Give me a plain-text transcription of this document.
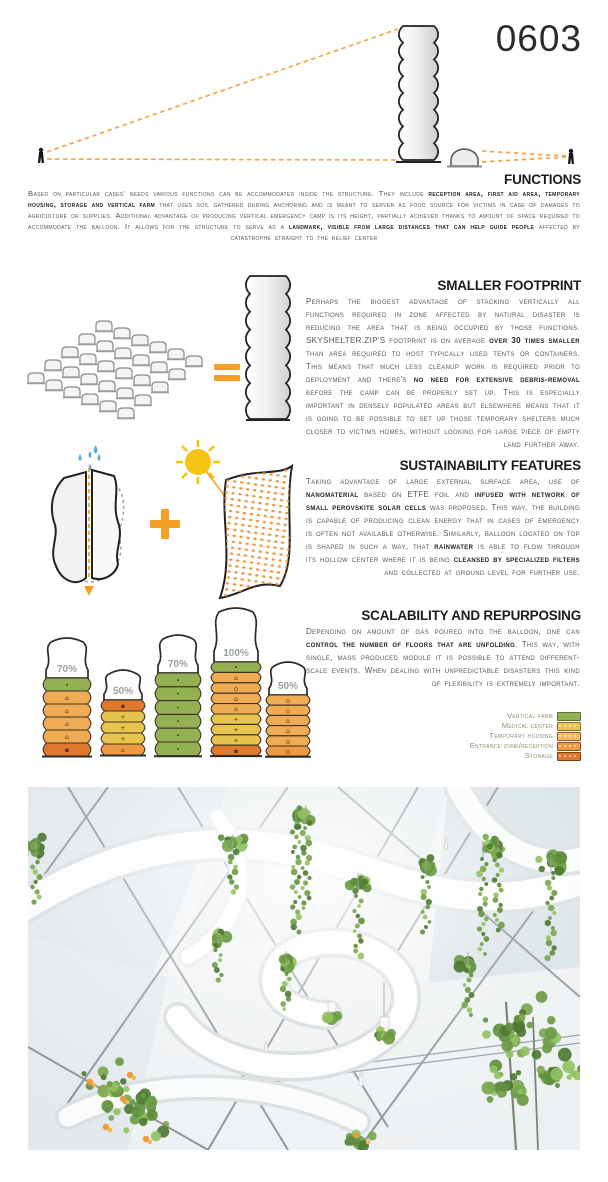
0603
FUNCTIONS
Based on particular cases' needs various functions can be accommodated inside the structure. They include reception area, first aid area, temporary housing, storage and vertical farm that uses soil gathered during anchoring and is meant to server as food source for victims in case of damages to agriculture or supplies. Additional advantage of producing vertical emergency camp is its height, partially achieved thanks to amount of space required to accommodate the balloon. It allows for the structure to serve as a landmark, visible from large distances that can help guide people affected by catastrophe straight to the relief center
SMALLER FOOTPRINT
Perhaps the biggest advantage of stacking vertically all functions required in zone affected by natural disaster is reducing the area that is being occupied by those functions. SKYSHELTER.ZIP'S footprint is on average over 30 times smaller than area required to host typically used tents or containers. This means that much less cleanup work is required prior to deployment and there's no need for extensive debris-removal before the camp can be properly set up. This is especially important in densely populated areas but elsewhere means that it is going to be possible to set up those temporary shelters much closer to victims homes, without looking for large piece of empty land further away.
SUSTAINABILITY FEATURES
Taking advantage of large external surface area, use of nanomaterial based on ETFE foil and infused with network of small perovskite solar cells was proposed. This way, the building is capable of producing clean energy that in cases of emergency is often not available otherwise. Similarly, balloon located on top is shaped in such a way, that rainwater is able to flow through its hollow center where it is being cleansed by specialized filters and collected at ground level for further use.
70%
•
⌂
⌂
⌂
⌂
▪
50%
▪
+
+
+
⌂
70%
•
•
•
•
•
•
100%
•
⌂
⌂
⌂
⌂
+
+
+
▪
50%
⌂
⌂
⌂
⌂
⌂
⌂
SCALABILITY AND REPURPOSING
Depending on amount of gas poured into the balloon, one can control the number of floors that are unfolding. This way, with single, mass produced module it is possible to attend different-scale events. When dealing with unpredictable disasters this kind of flexibility is extremely important.
Vertical farm
Medical center
Temporary housing
Entrance zone/reception
Storage
